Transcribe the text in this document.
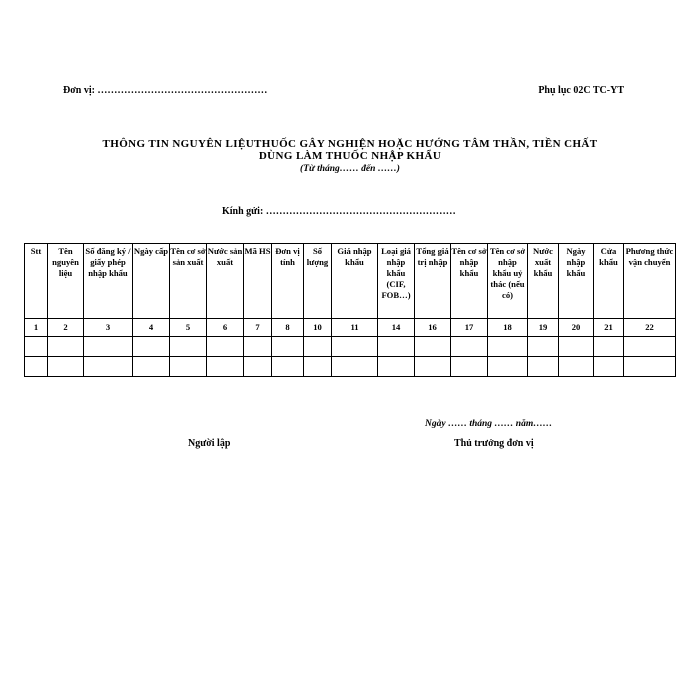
Đơn vị: ……………………………………………	Phụ lục 02C TC-YT
THÔNG TIN NGUYÊN LIỆUTHUỐC GÂY NGHIỆN HOẶC HƯỚNG TÂM THẦN, TIỀN CHẤT
DÙNG LÀM THUỐC NHẬP KHẨU
(Từ tháng…… đến ……)
Kính gửi: …………………………………………………
Stt	Tên nguyên liệu	Số đăng ký / giấy phép nhập khẩu	Ngày cấp	Tên cơ sở sản xuất	Nước sản xuất	Mã HS	Đơn vị tính	Số lượng	Giá nhập khẩu	Loại giá nhập khẩu (CIF, FOB…)	Tổng giá trị nhập	Tên cơ sở nhập khẩu	Tên cơ sở nhập khẩu uỷ thác (nếu có)	Nước xuất khẩu	Ngày nhập khẩu	Cửa khẩu	Phương thức vận chuyển
1	2	3	4	5	6	7	8	10	11	14	16	17	18	19	20	21	22

Ngày …… tháng …… năm……
Người lập	Thủ trưởng đơn vị
